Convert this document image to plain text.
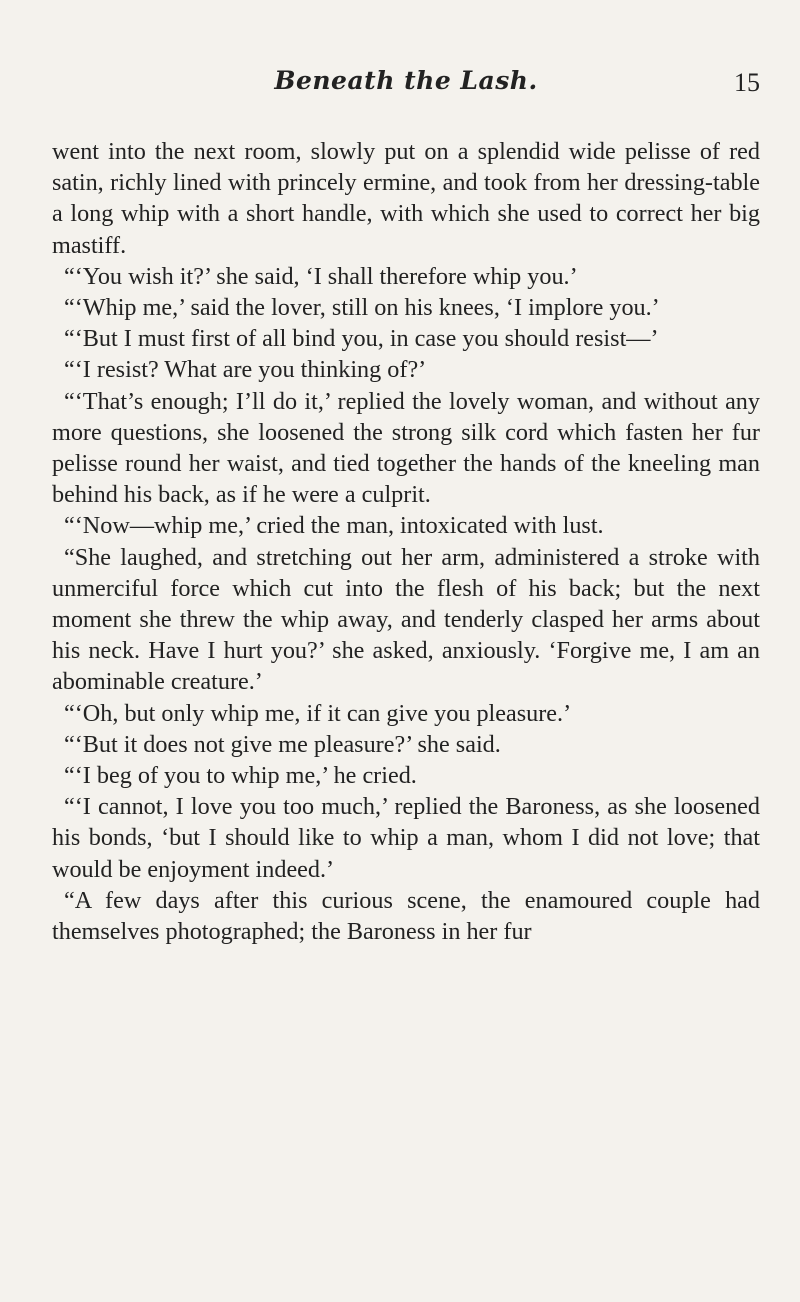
Beneath the Lash.	15

went into the next room, slowly put on a splendid wide pelisse of red satin, richly lined with princely ermine, and took from her dressing-table a long whip with a short handle, with which she used to correct her big mastiff.

“‘You wish it?’ she said, ‘I shall therefore whip you.’

“‘Whip me,’ said the lover, still on his knees, ‘I implore you.’

“‘But I must first of all bind you, in case you should resist—’

“‘I resist? What are you thinking of?’

“‘That’s enough; I’ll do it,’ replied the lovely woman, and without any more questions, she loosened the strong silk cord which fasten her fur pelisse round her waist, and tied together the hands of the kneeling man behind his back, as if he were a culprit.

“‘Now—whip me,’ cried the man, intoxicated with lust.

“She laughed, and stretching out her arm, administered a stroke with unmerciful force which cut into the flesh of his back; but the next moment she threw the whip away, and tenderly clasped her arms about his neck. Have I hurt you?’ she asked, anxiously. ‘Forgive me, I am an abominable creature.’

“‘Oh, but only whip me, if it can give you pleasure.’

“‘But it does not give me pleasure?’ she said.

“‘I beg of you to whip me,’ he cried.

“‘I cannot, I love you too much,’ replied the Baroness, as she loosened his bonds, ‘but I should like to whip a man, whom I did not love; that would be enjoyment indeed.’

“A few days after this curious scene, the enamoured couple had themselves photographed; the Baroness in her fur
